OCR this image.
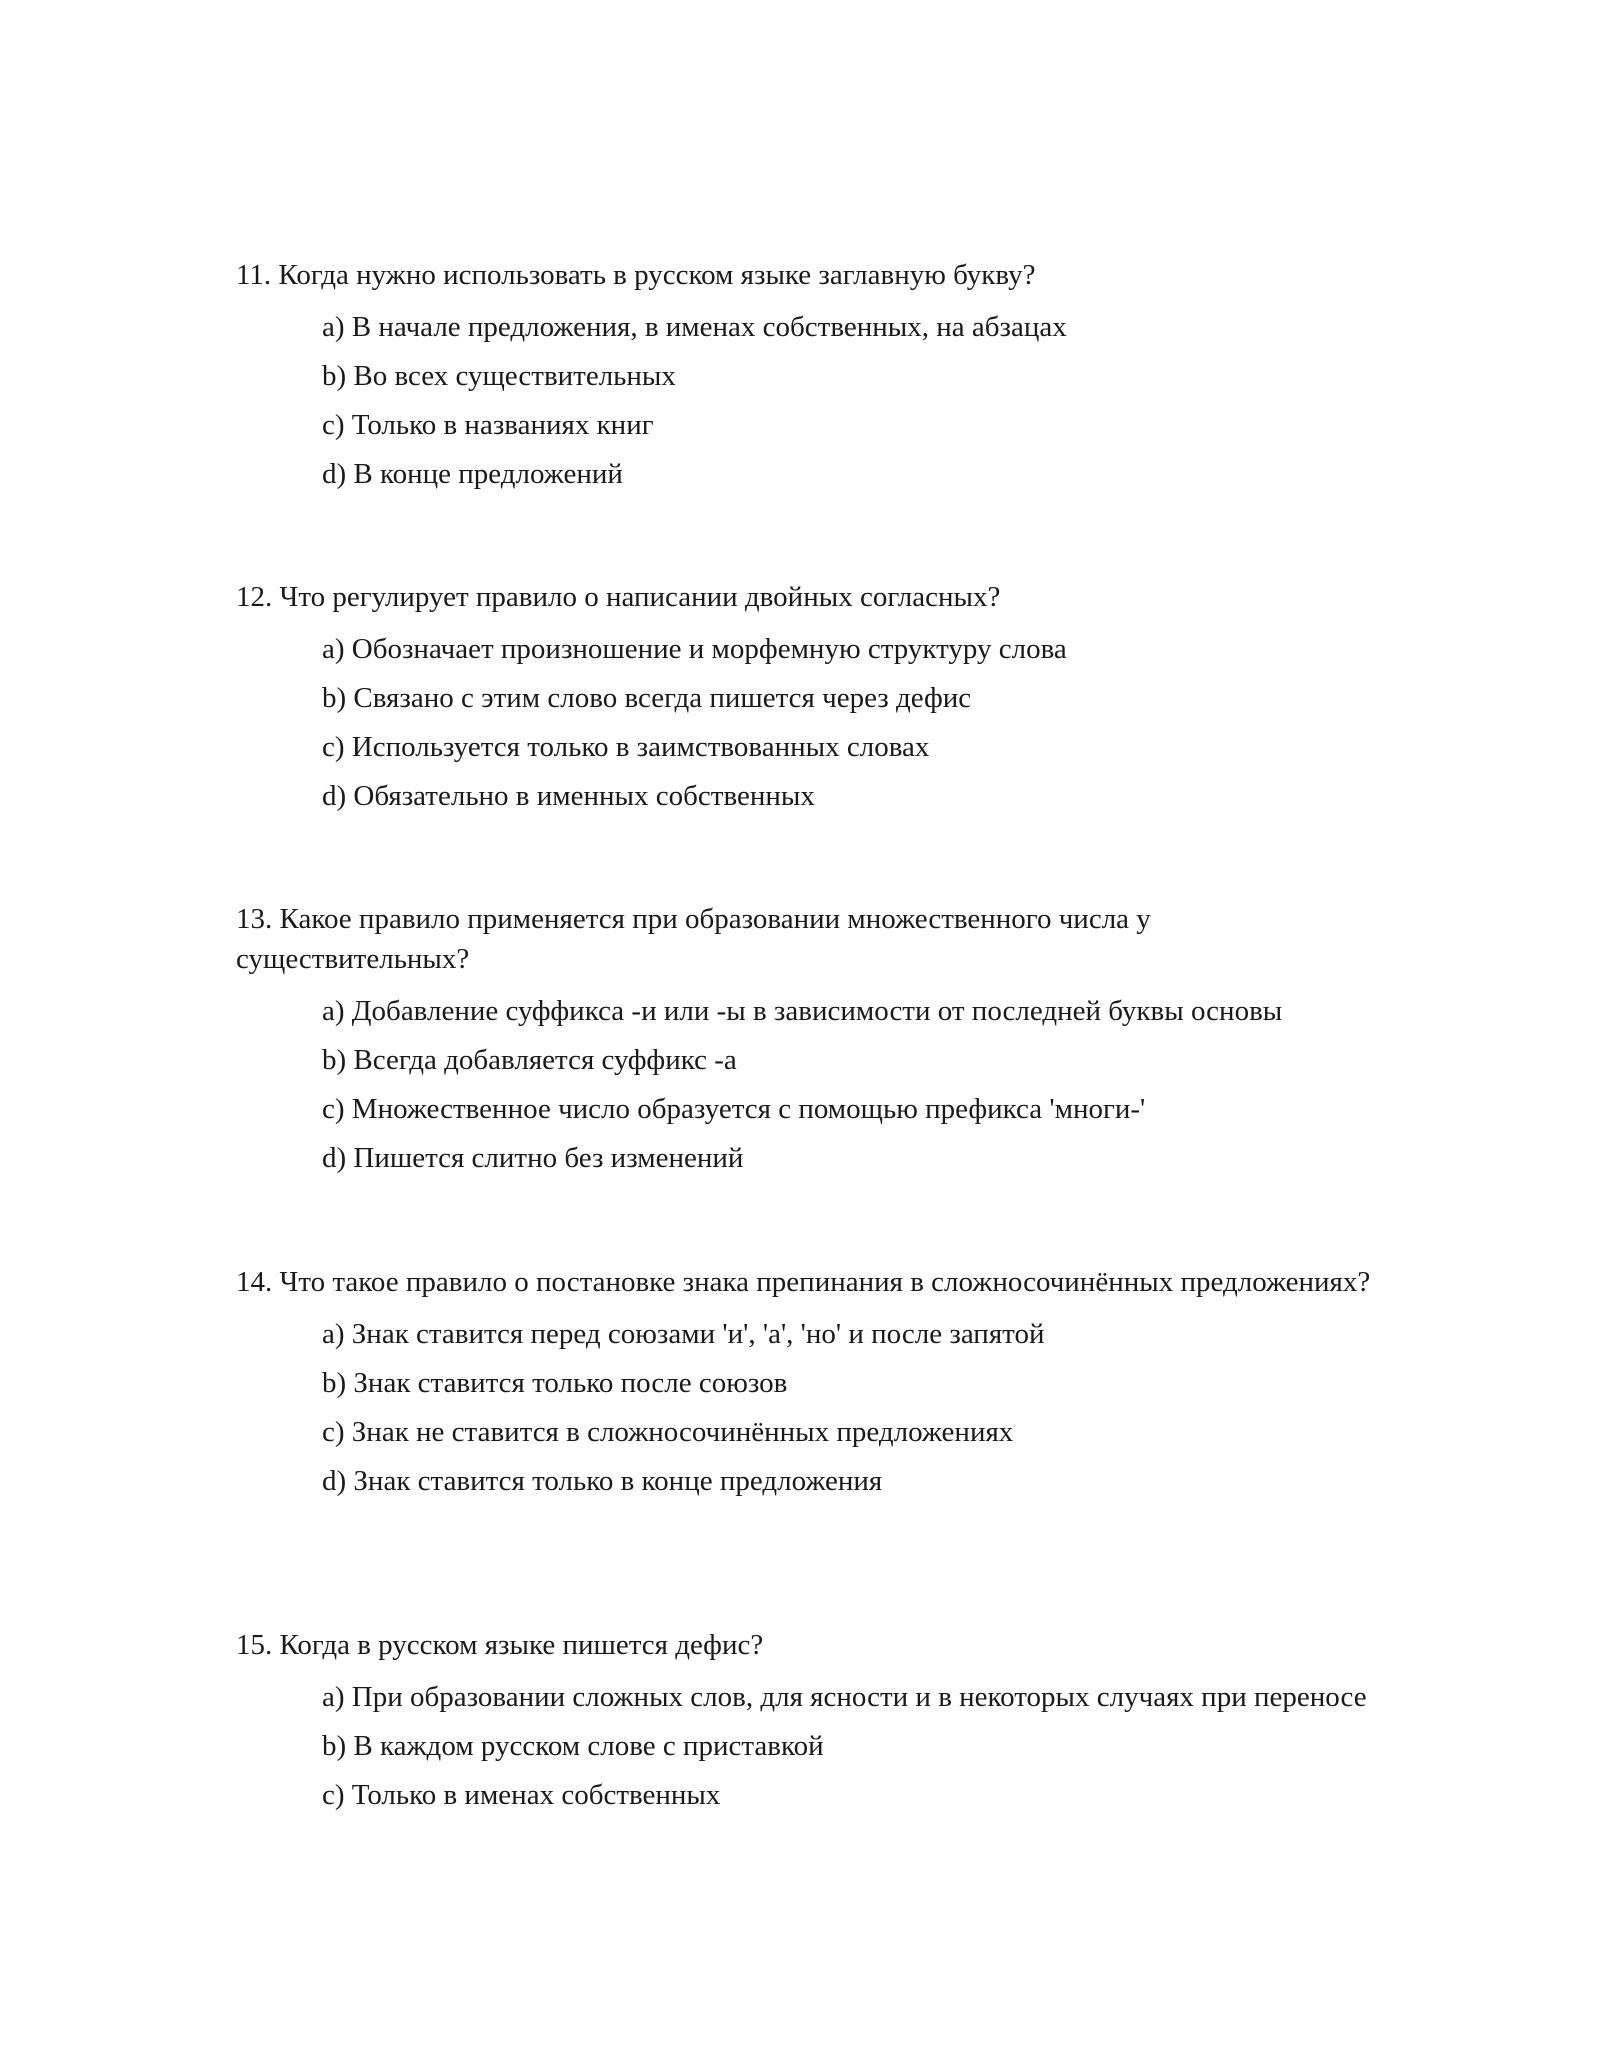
11. Когда нужно использовать в русском языке заглавную букву?

a) В начале предложения, в именах собственных, на абзацах

b) Во всех существительных

c) Только в названиях книг

d) В конце предложений

12. Что регулирует правило о написании двойных согласных?

a) Обозначает произношение и морфемную структуру слова

b) Связано с этим слово всегда пишется через дефис

c) Используется только в заимствованных словах

d) Обязательно в именных собственных

13. Какое правило применяется при образовании множественного числа у существительных?

a) Добавление суффикса -и или -ы в зависимости от последней буквы основы

b) Всегда добавляется суффикс -а

c) Множественное число образуется с помощью префикса 'многи-'

d) Пишется слитно без изменений

14. Что такое правило о постановке знака препинания в сложносочинённых предложениях?

a) Знак ставится перед союзами 'и', 'а', 'но' и после запятой

b) Знак ставится только после союзов

c) Знак не ставится в сложносочинённых предложениях

d) Знак ставится только в конце предложения

15. Когда в русском языке пишется дефис?

a) При образовании сложных слов, для ясности и в некоторых случаях при переносе

b) В каждом русском слове с приставкой

c) Только в именах собственных
